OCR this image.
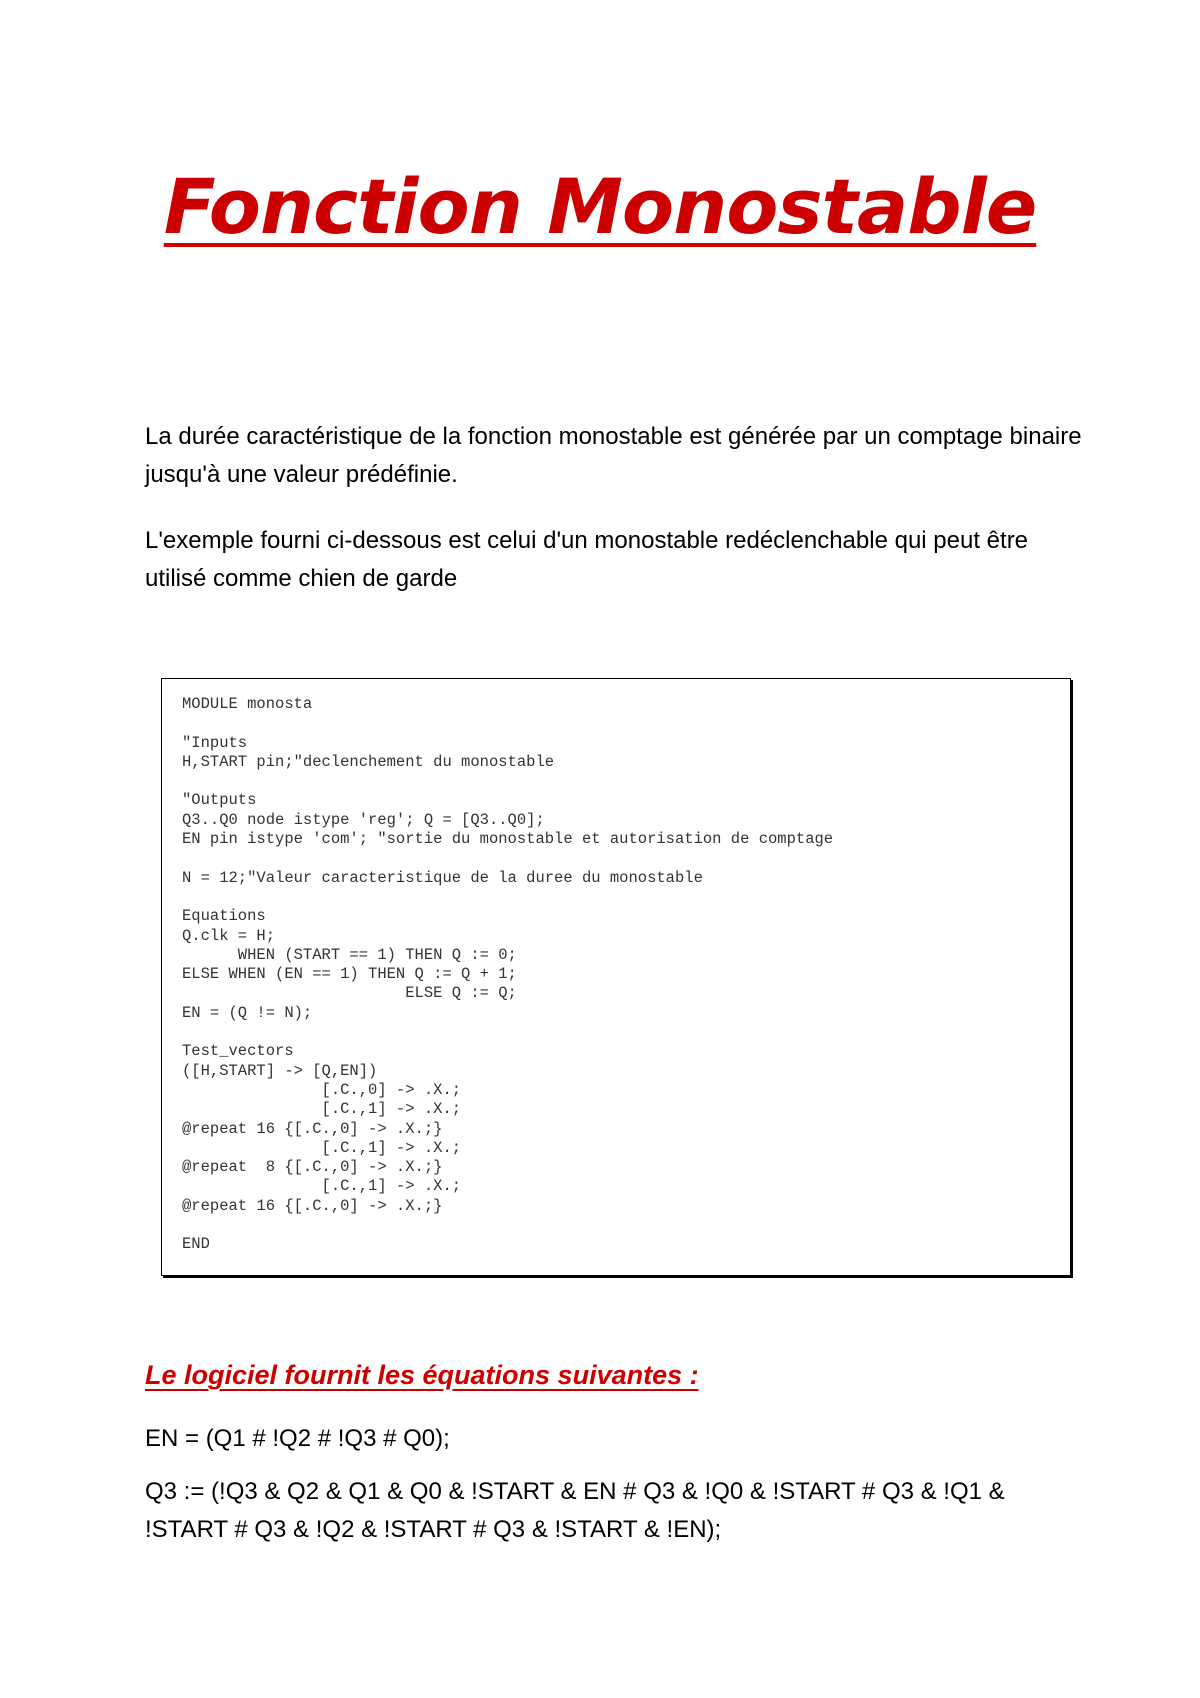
Fonction Monostable

La durée caractéristique de la fonction monostable est générée par un comptage binaire jusqu'à une valeur prédéfinie.

L'exemple fourni ci-dessous est celui d'un monostable redéclenchable qui peut être utilisé comme chien de garde

MODULE monosta

"Inputs
H,START pin;"declenchement du monostable

"Outputs
Q3..Q0 node istype 'reg'; Q = [Q3..Q0];
EN pin istype 'com'; "sortie du monostable et autorisation de comptage

N = 12;"Valeur caracteristique de la duree du monostable

Equations
Q.clk = H;
WHEN (START == 1) THEN Q := 0;
ELSE WHEN (EN == 1) THEN Q := Q + 1;
ELSE Q := Q;
EN = (Q != N);

Test_vectors
([H,START] -> [Q,EN])
[.C.,0] -> .X.;
[.C.,1] -> .X.;
@repeat 16 {[.C.,0] -> .X.;}
[.C.,1] -> .X.;
@repeat  8 {[.C.,0] -> .X.;}
[.C.,1] -> .X.;
@repeat 16 {[.C.,0] -> .X.;}

END
Le logiciel fournit les équations suivantes :

EN = (Q1 # !Q2 # !Q3 # Q0);

Q3 := (!Q3 & Q2 & Q1 & Q0 & !START & EN # Q3 & !Q0 & !START # Q3 & !Q1 & !START # Q3 & !Q2 & !START # Q3 & !START & !EN);
